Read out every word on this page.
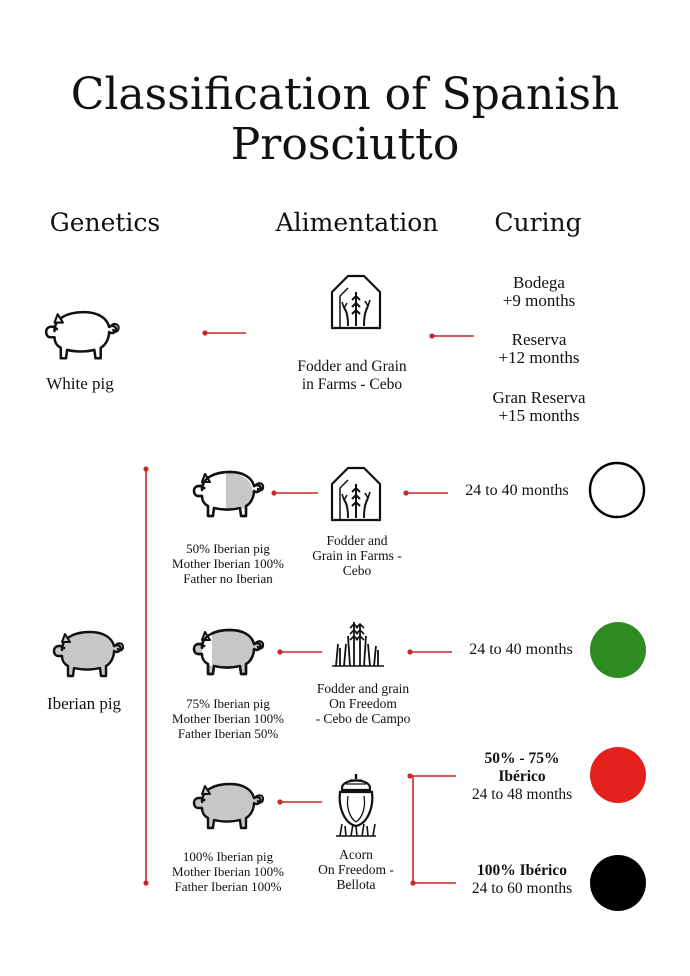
Classification of Spanish
Prosciutto
Genetics	Alimentation	Curing
White pig
Fodder and Grain
in Farms - Cebo
Bodega
+9 months
Reserva
+12 months
Gran Reserva
+15 months
Iberian pig
50% Iberian pig
Mother Iberian 100%
Father no Iberian
Fodder and
Grain in Farms -
Cebo
24 to 40 months
75% Iberian pig
Mother Iberian 100%
Father Iberian 50%
Fodder and grain
On Freedom
- Cebo de Campo
24 to 40 months
100% Iberian pig
Mother Iberian 100%
Father Iberian 100%
Acorn
On Freedom -
Bellota
50% - 75%
Ibérico
24 to 48 months
100% Ibérico
24 to 60 months
